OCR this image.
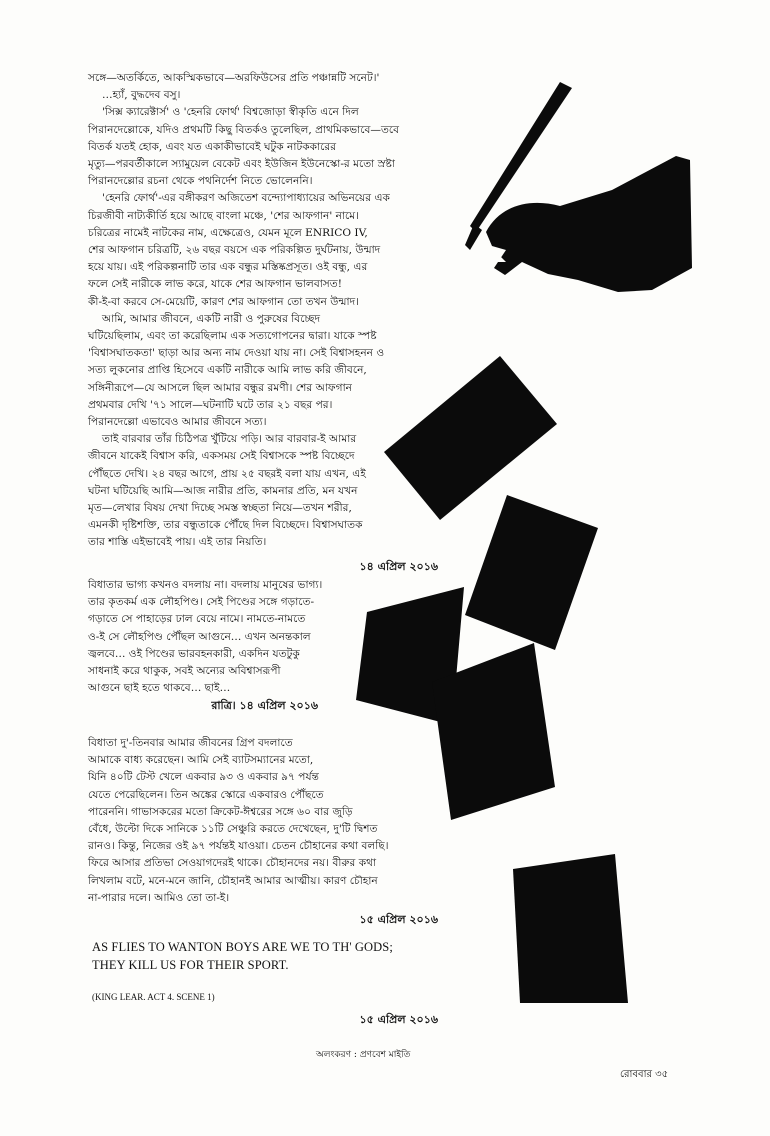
সঙ্গে—অতর্কিতে, আকস্মিকভাবে—অরফিউসের প্রতি পঞ্চান্নটি সনেট।'

…হ্যাঁ, বুদ্ধদেব বসু।

'সিক্স ক্যারেক্টার্স' ও 'হেনরি ফোর্থ' বিশ্বজোড়া স্বীকৃতি এনে দিল

পিরানদেল্লোকে, যদিও প্রথমটি কিছু বিতর্কও তুলেছিল, প্রাথমিকভাবে—তবে

বিতর্ক যতই হোক, এবং যত একাকীভাবেই ঘটুক নাটককারের

মৃত্যু—পরবর্তীকালে স্যামুয়েল বেকেট এবং ইউজিন ইউনেস্কো-র মতো স্রষ্টা

পিরানদেল্লোর রচনা থেকে পথনির্দেশ নিতে ভোলেননি।

'হেনরি ফোর্থ'-এর বঙ্গীকরণ অজিতেশ বন্দ্যোপাধ্যায়ের অভিনয়ের এক

চিরজীবী নাট্যকীর্তি হয়ে আছে বাংলা মঞ্চে, 'শের আফগান' নামে।

চরিত্রের নামেই নাটকের নাম, এক্ষেত্রেও, যেমন মূলে ENRICO IV,

শের আফগান চরিত্রটি, ২৬ বছর বয়সে এক পরিকল্পিত দুর্ঘটনায়, উন্মাদ

হয়ে যায়। এই পরিকল্পনাটি তার এক বন্ধুর মস্তিষ্কপ্রসূত। ওই বন্ধু, এর

ফলে সেই নারীকে লাভ করে, যাকে শের আফগান ভালবাসত!

কী-ই-বা করবে সে-মেয়েটি, কারণ শের আফগান তো তখন উন্মাদ।

আমি, আমার জীবনে, একটি নারী ও পুরুষের বিচ্ছেদ

ঘটিয়েছিলাম, এবং তা করেছিলাম এক সত্যগোপনের দ্বারা। যাকে স্পষ্ট

'বিশ্বাসঘাতকতা' ছাড়া আর অন্য নাম দেওয়া যায় না। সেই বিশ্বাসহনন ও

সত্য লুকনোর প্রাপ্তি হিসেবে একটি নারীকে আমি লাভ করি জীবনে,

সঙ্গিনীরূপে—যে আসলে ছিল আমার বন্ধুর রমণী। শের আফগান

প্রথমবার দেখি '৭১ সালে—ঘটনাটি ঘটে তার ২১ বছর পর।

পিরানদেল্লো এভাবেও আমার জীবনে সত্য।

তাই বারবার তাঁর চিঠিপত্র খুঁটিয়ে পড়ি। আর বারবার-ই আমার

জীবনে যাকেই বিশ্বাস করি, একসময় সেই বিশ্বাসকে স্পষ্ট বিচ্ছেদে

পৌঁছতে দেখি। ২৪ বছর আগে, প্রায় ২৫ বছরই বলা যায় এখন, এই

ঘটনা ঘটিয়েছি আমি—আজ নারীর প্রতি, কামনার প্রতি, মন যখন

মৃত—লেখার বিষয় দেখা দিচ্ছে সমস্ত স্বচ্ছতা নিয়ে—তখন শরীর,

এমনকী দৃষ্টিশক্তি, তার বন্ধুতাকে পৌঁছে দিল বিচ্ছেদে। বিশ্বাসঘাতক

তার শাস্তি এইভাবেই পায়। এই তার নিয়তি।

১৪ এপ্রিল ২০১৬

বিধাতার ভাগ্য কখনও বদলায় না। বদলায় মানুষের ভাগ্য।

তার কৃতকর্ম এক লৌহপিণ্ড। সেই পিণ্ডের সঙ্গে গড়াতে-

গড়াতে সে পাহাড়ের ঢাল বেয়ে নামে। নামতে-নামতে

ও-ই সে লৌহপিণ্ড পৌঁছল আগুনে… এখন অনন্তকাল

জ্বলবে… ওই পিণ্ডের ভারবহনকারী, একদিন যতটুকু

সাধনাই করে থাকুক, সবই অন্যের অবিশ্বাসরূপী

আগুনে ছাই হতে থাকবে… ছাই…

রাত্রি। ১৪ এপ্রিল ২০১৬

বিধাতা দু'-তিনবার আমার জীবনের গ্রিপ বদলাতে

আমাকে বাধ্য করেছেন। আমি সেই ব্যাটসম্যানের মতো,

যিনি ৪০টি টেস্ট খেলে একবার ৯৩ ও একবার ৯৭ পর্যন্ত

যেতে পেরেছিলেন। তিন অঙ্কের স্কোরে একবারও পৌঁছতে

পারেননি। গাভাসকরের মতো ক্রিকেট-ঈশ্বরের সঙ্গে ৬০ বার জুড়ি

বেঁধে, উল্টো দিকে সানিকে ১১টি সেঞ্চুরি করতে দেখেছেন, দু'টি দ্বিশত

রানও। কিন্তু, নিজের ওই ৯৭ পর্যন্তই যাওয়া। চেতন চৌহানের কথা বলছি।

ফিরে আসার প্রতিভা সেওয়াগদেরই থাকে। চৌহানদের নয়। বীরুর কথা

লিখলাম বটে, মনে-মনে জানি, চৌহানই আমার আত্মীয়। কারণ চৌহান

না-পারার দলে। আমিও তো তা-ই।

১৫ এপ্রিল ২০১৬

AS FLIES TO WANTON BOYS ARE WE TO TH' GODS;
THEY KILL US FOR THEIR SPORT.
(KING LEAR. ACT 4. SCENE 1)

১৫ এপ্রিল ২০১৬

অলংকরণ : প্রণবেশ মাইতি
রোববার ৩৫
